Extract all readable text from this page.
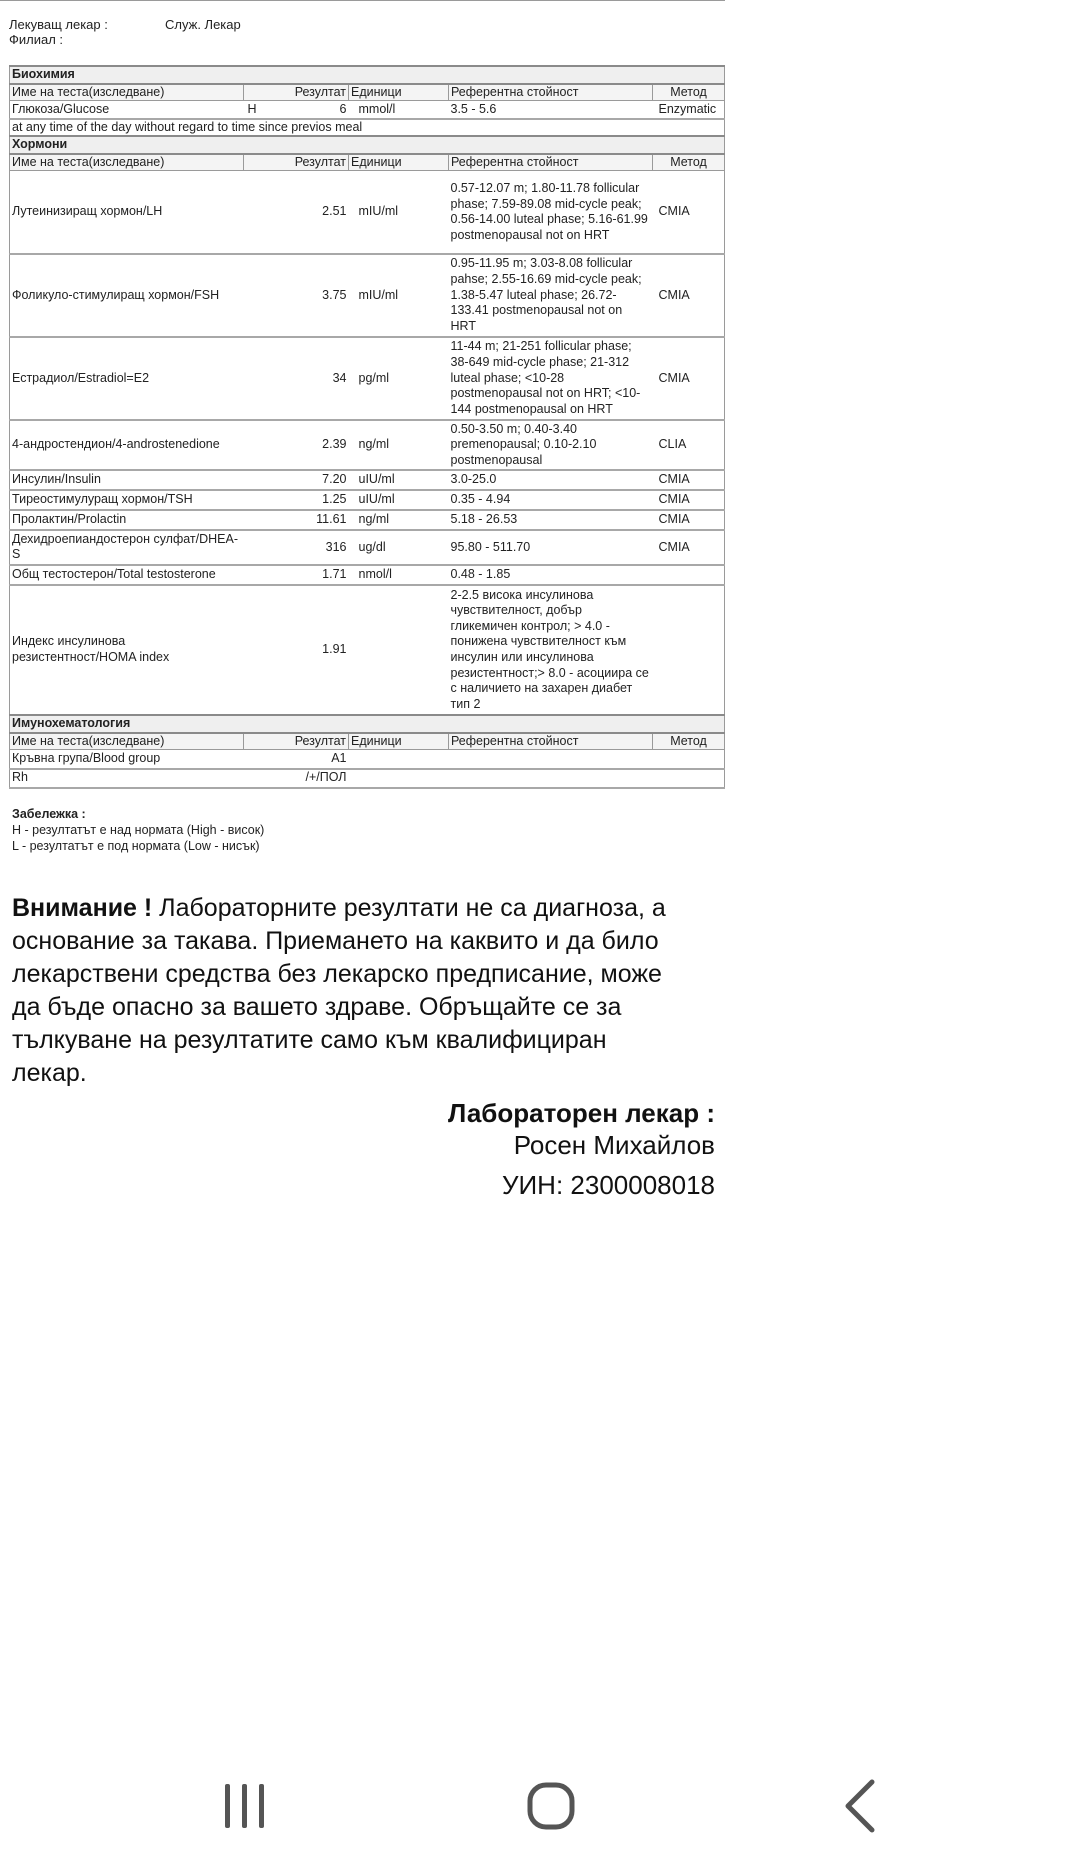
Лекуващ лекар :	Служ. Лекар
Филиал :
Биохимия				
Име на теста(изследване)	Резултат	Единици	Референтна стойност	Метод
Глюкоза/Glucose	H 6	mmol/l	3.5 - 5.6	Enzymatic
at any time of the day without regard to time since previos meal				
Хормони				
Име на теста(изследване)	Резултат	Единици	Референтна стойност	Метод
Лутеинизиращ хормон/LH	2.51	mIU/ml	0.57-12.07 m; 1.80-11.78 follicular phase; 7.59-89.08 mid-cycle peak; 0.56-14.00 luteal phase; 5.16-61.99 postmenopausal not on HRT	CMIA
Фоликуло-стимулиращ хормон/FSH	3.75	mIU/ml	0.95-11.95 m; 3.03-8.08 follicular pahse; 2.55-16.69 mid-cycle peak; 1.38-5.47 luteal phase; 26.72-133.41 postmenopausal not on HRT	CMIA
Естрадиол/Estradiol=E2	34	pg/ml	11-44 m; 21-251 follicular phase; 38-649 mid-cycle phase; 21-312 luteal phase; <10-28 postmenopausal not on HRT; <10-144 postmenopausal on HRT	CMIA
4-андростендион/4-androstenedione	2.39	ng/ml	0.50-3.50 m; 0.40-3.40 premenopausal; 0.10-2.10 postmenopausal	CLIA
Инсулин/Insulin	7.20	uIU/ml	3.0-25.0	CMIA
Тиреостимулуращ хормон/TSH	1.25	uIU/ml	0.35 - 4.94	CMIA
Пролактин/Prolactin	11.61	ng/ml	5.18 - 26.53	CMIA
Дехидроепиандостерон сулфат/DHEA-S	316	ug/dl	95.80 - 511.70	CMIA
Общ тестостерон/Total testosterone	1.71	nmol/l	0.48 - 1.85	
Индекс инсулинова резистентност/HOMA index	1.91		2-2.5 висока инсулинова чувствителност, добър гликемичен контрол; > 4.0 - понижена чувствителност към инсулин или инсулинова резистентност;> 8.0 - асоциира се с наличието на захарен диабет тип 2	
Имунохематология				
Име на теста(изследване)	Резултат	Единици	Референтна стойност	Метод
Кръвна група/Blood group	A1			
Rh	/+/ПОЛ			
Забележка :
H - резултатът е над нормата (High - висок)
L - резултатът е под нормата (Low - нисък)
Внимание ! Лабораторните резултати не са диагноза, а основание за такава. Приемането на каквито и да било лекарствени средства без лекарско предписание, може да бъде опасно за вашето здраве. Обръщайте се за тълкуване на резултатите само към квалифициран лекар.
Лабораторен лекар :
Росен Михайлов
УИН: 2300008018
